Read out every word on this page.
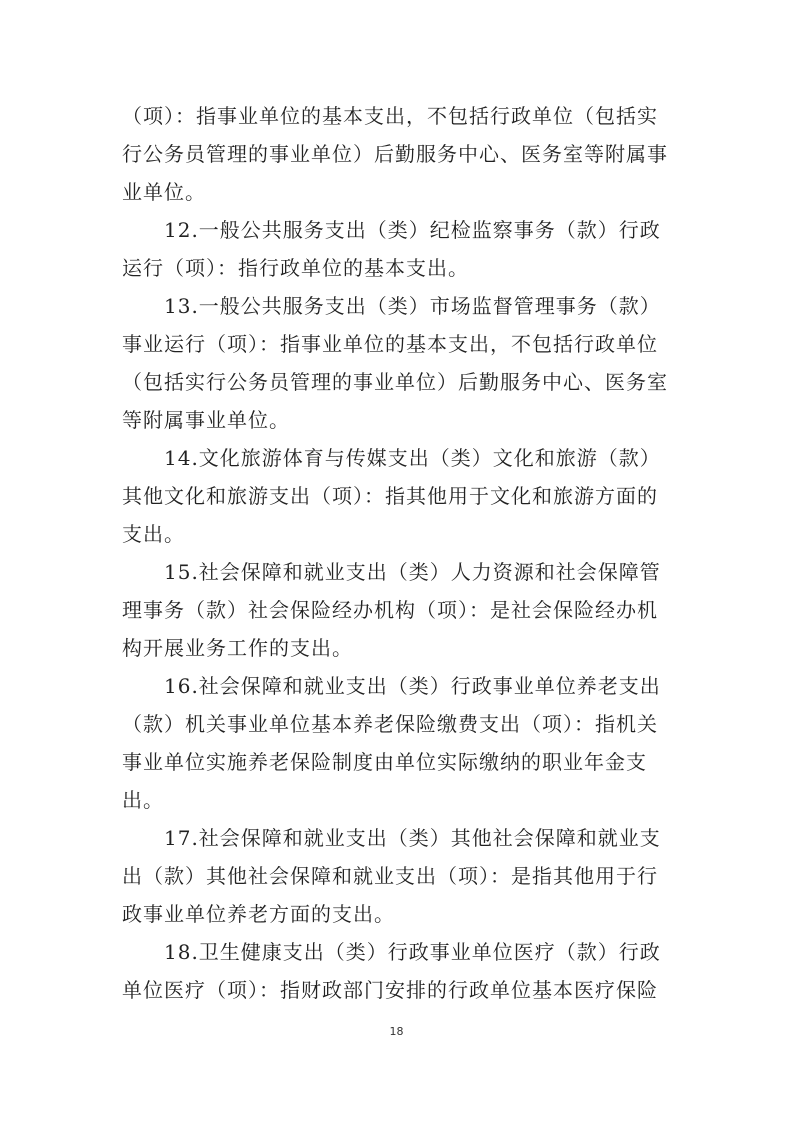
（项）：指事业单位的基本支出，不包括行政单位（包括实
行公务员管理的事业单位）后勤服务中心、医务室等附属事
业单位。
12.一般公共服务支出（类）纪检监察事务（款）行政
运行（项）：指行政单位的基本支出。
13.一般公共服务支出（类）市场监督管理事务（款）
事业运行（项）：指事业单位的基本支出，不包括行政单位
（包括实行公务员管理的事业单位）后勤服务中心、医务室
等附属事业单位。
14.文化旅游体育与传媒支出（类）文化和旅游（款）
其他文化和旅游支出（项）：指其他用于文化和旅游方面的
支出。
15.社会保障和就业支出（类）人力资源和社会保障管
理事务（款）社会保险经办机构（项）：是社会保险经办机
构开展业务工作的支出。
16.社会保障和就业支出（类）行政事业单位养老支出
（款）机关事业单位基本养老保险缴费支出（项）：指机关
事业单位实施养老保险制度由单位实际缴纳的职业年金支
出。
17.社会保障和就业支出（类）其他社会保障和就业支
出（款）其他社会保障和就业支出（项）：是指其他用于行
政事业单位养老方面的支出。
18.卫生健康支出（类）行政事业单位医疗（款）行政
单位医疗（项）：指财政部门安排的行政单位基本医疗保险
18
